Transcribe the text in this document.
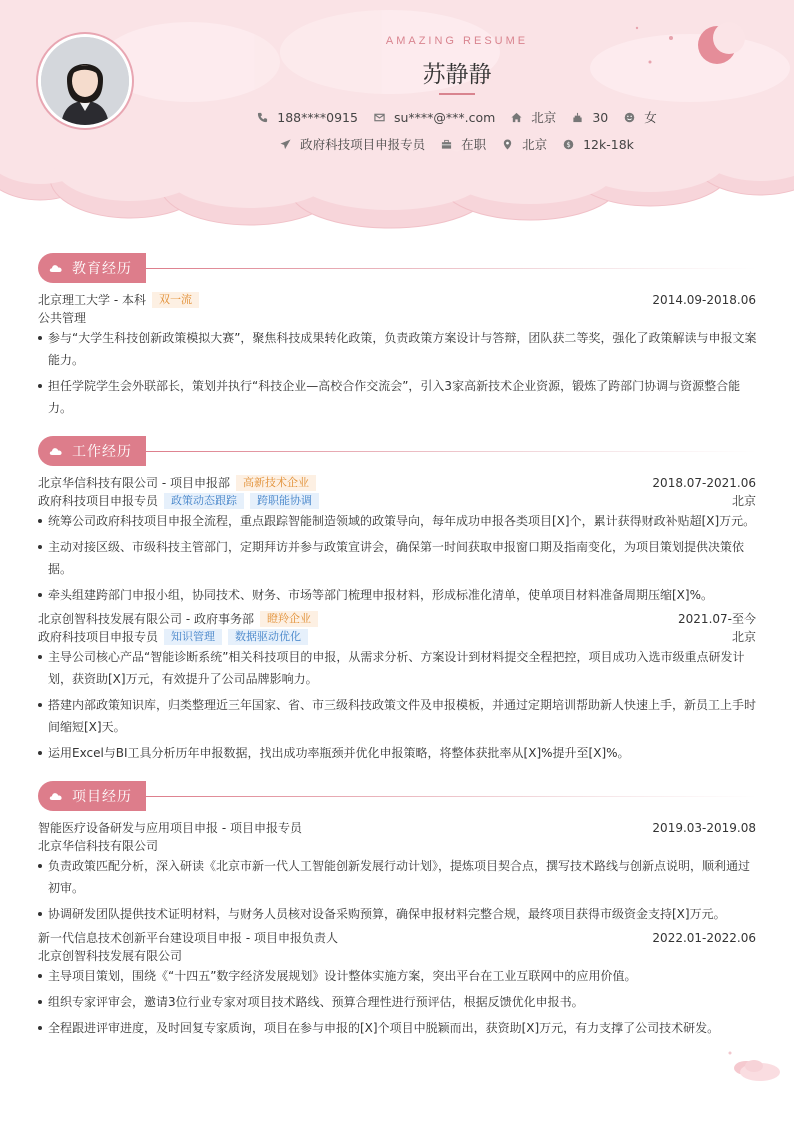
AMAZING RESUME
苏静静
188****0915	su****@***.com	北京	30	女
政府科技项目申报专员	在职	北京	$ 12k-18k
教育经历
北京理工大学 - 本科	双一流	2014.09-2018.06
公共管理
参与“大学生科技创新政策模拟大赛”，聚焦科技成果转化政策，负责政策方案设计与答辩，团队获二等奖，强化了政策解读与申报文案能力。
担任学院学生会外联部长，策划并执行“科技企业—高校合作交流会”，引入3家高新技术企业资源，锻炼了跨部门协调与资源整合能力。
工作经历
北京华信科技有限公司 - 项目申报部	高新技术企业	2018.07-2021.06
政府科技项目申报专员	政策动态跟踪	跨职能协调	北京
统筹公司政府科技项目申报全流程，重点跟踪智能制造领域的政策导向，每年成功申报各类项目[X]个，累计获得财政补贴超[X]万元。
主动对接区级、市级科技主管部门，定期拜访并参与政策宣讲会，确保第一时间获取申报窗口期及指南变化，为项目策划提供决策依据。
牵头组建跨部门申报小组，协同技术、财务、市场等部门梳理申报材料，形成标准化清单，使单项目材料准备周期压缩[X]%。
北京创智科技发展有限公司 - 政府事务部	瞪羚企业	2021.07-至今
政府科技项目申报专员	知识管理	数据驱动优化	北京
主导公司核心产品“智能诊断系统”相关科技项目的申报，从需求分析、方案设计到材料提交全程把控，项目成功入选市级重点研发计划，获资助[X]万元，有效提升了公司品牌影响力。
搭建内部政策知识库，归类整理近三年国家、省、市三级科技政策文件及申报模板，并通过定期培训帮助新人快速上手，新员工上手时间缩短[X]天。
运用Excel与BI工具分析历年申报数据，找出成功率瓶颈并优化申报策略，将整体获批率从[X]%提升至[X]%。
项目经历
智能医疗设备研发与应用项目申报 - 项目申报专员	2019.03-2019.08
北京华信科技有限公司
负责政策匹配分析，深入研读《北京市新一代人工智能创新发展行动计划》，提炼项目契合点，撰写技术路线与创新点说明，顺利通过初审。
协调研发团队提供技术证明材料，与财务人员核对设备采购预算，确保申报材料完整合规，最终项目获得市级资金支持[X]万元。
新一代信息技术创新平台建设项目申报 - 项目申报负责人	2022.01-2022.06
北京创智科技发展有限公司
主导项目策划，围绕《“十四五”数字经济发展规划》设计整体实施方案，突出平台在工业互联网中的应用价值。
组织专家评审会，邀请3位行业专家对项目技术路线、预算合理性进行预评估，根据反馈优化申报书。
全程跟进评审进度，及时回复专家质询，项目在参与申报的[X]个项目中脱颖而出，获资助[X]万元，有力支撑了公司技术研发。
